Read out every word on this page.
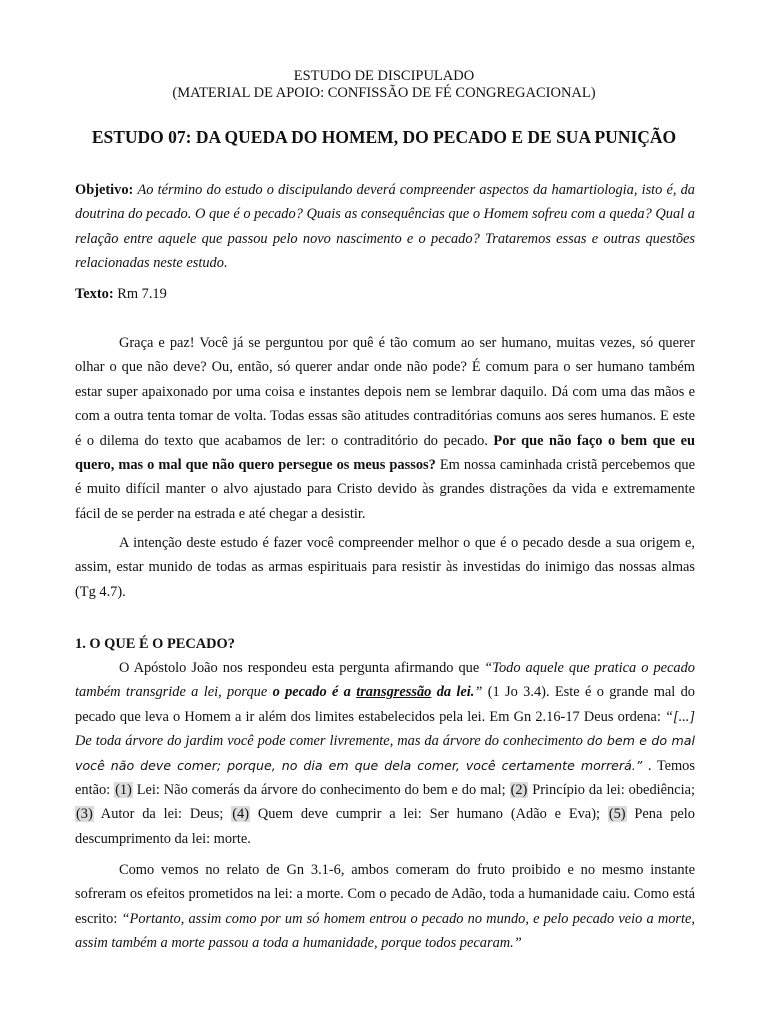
ESTUDO DE DISCIPULADO
(MATERIAL DE APOIO: CONFISSÃO DE FÉ CONGREGACIONAL)
ESTUDO 07: DA QUEDA DO HOMEM, DO PECADO E DE SUA PUNIÇÃO
Objetivo: Ao término do estudo o discipulando deverá compreender aspectos da hamartiologia, isto é, da doutrina do pecado. O que é o pecado? Quais as consequências que o Homem sofreu com a queda? Qual a relação entre aquele que passou pelo novo nascimento e o pecado? Trataremos essas e outras questões relacionadas neste estudo.
Texto: Rm 7.19
Graça e paz! Você já se perguntou por quê é tão comum ao ser humano, muitas vezes, só querer olhar o que não deve? Ou, então, só querer andar onde não pode? É comum para o ser humano também estar super apaixonado por uma coisa e instantes depois nem se lembrar daquilo. Dá com uma das mãos e com a outra tenta tomar de volta. Todas essas são atitudes contraditórias comuns aos seres humanos. E este é o dilema do texto que acabamos de ler: o contraditório do pecado. Por que não faço o bem que eu quero, mas o mal que não quero persegue os meus passos? Em nossa caminhada cristã percebemos que é muito difícil manter o alvo ajustado para Cristo devido às grandes distrações da vida e extremamente fácil de se perder na estrada e até chegar a desistir.
A intenção deste estudo é fazer você compreender melhor o que é o pecado desde a sua origem e, assim, estar munido de todas as armas espirituais para resistir às investidas do inimigo das nossas almas (Tg 4.7).
1. O QUE É O PECADO?
O Apóstolo João nos respondeu esta pergunta afirmando que “Todo aquele que pratica o pecado também transgride a lei, porque o pecado é a transgressão da lei.” (1 Jo 3.4). Este é o grande mal do pecado que leva o Homem a ir além dos limites estabelecidos pela lei. Em Gn 2.16-17 Deus ordena: “[...] De toda árvore do jardim você pode comer livremente, mas da árvore do conhecimento do bem e do mal você não deve comer; porque, no dia em que dela comer, você certamente morrerá.” . Temos então: (1) Lei: Não comerás da árvore do conhecimento do bem e do mal; (2) Princípio da lei: obediência; (3) Autor da lei: Deus; (4) Quem deve cumprir a lei: Ser humano (Adão e Eva); (5) Pena pelo descumprimento da lei: morte.
Como vemos no relato de Gn 3.1-6, ambos comeram do fruto proibido e no mesmo instante sofreram os efeitos prometidos na lei: a morte. Com o pecado de Adão, toda a humanidade caiu. Como está escrito: “Portanto, assim como por um só homem entrou o pecado no mundo, e pelo pecado veio a morte, assim também a morte passou a toda a humanidade, porque todos pecaram.”
